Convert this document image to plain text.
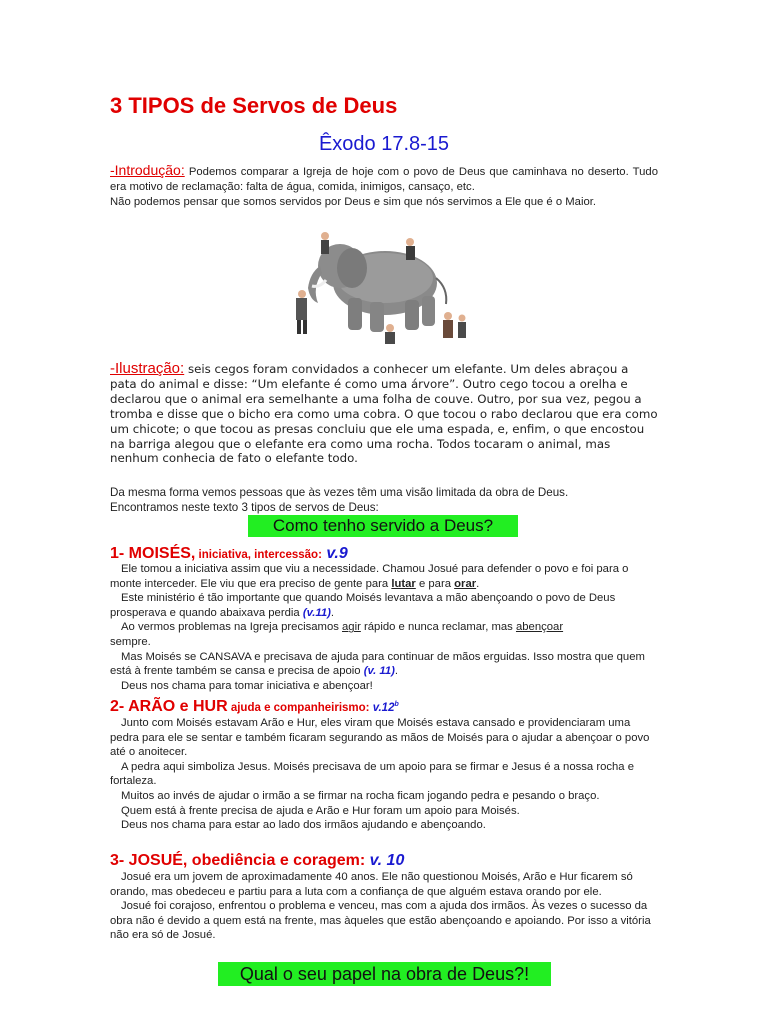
3 TIPOS de Servos de Deus
Êxodo 17.8-15
-Introdução: Podemos comparar a Igreja de hoje com o povo de Deus que caminhava no deserto. Tudo era motivo de reclamação: falta de água, comida, inimigos, cansaço, etc.
Não podemos pensar que somos servidos por Deus e sim que nós servimos a Ele que é o Maior.
-Ilustração: seis cegos foram convidados a conhecer um elefante. Um deles abraçou a pata do animal e disse: “Um elefante é como uma árvore”. Outro cego tocou a orelha e declarou que o animal era semelhante a uma folha de couve. Outro, por sua vez, pegou a tromba e disse que o bicho era como uma cobra. O que tocou o rabo declarou que era como um chicote; o que tocou as presas concluiu que ele uma espada, e, enfim, o que encostou na barriga alegou que o elefante era como uma rocha. Todos tocaram o animal, mas nenhum conhecia de fato o elefante todo.
Da mesma forma vemos pessoas que às vezes têm uma visão limitada da obra de Deus.
Encontramos neste texto 3 tipos de servos de Deus:
Como tenho servido a Deus?
1- MOISÉS, iniciativa, intercessão: v.9
Ele tomou a iniciativa assim que viu a necessidade. Chamou Josué para defender o povo e foi para o monte interceder. Ele viu que era preciso de gente para lutar e para orar.
Este ministério é tão importante que quando Moisés levantava a mão abençoando o povo de Deus prosperava e quando abaixava perdia (v.11).
Ao vermos problemas na Igreja precisamos agir rápido e nunca reclamar, mas abençoar
sempre.
Mas Moisés se CANSAVA e precisava de ajuda para continuar de mãos erguidas. Isso mostra que quem está à frente também se cansa e precisa de apoio (v. 11).
Deus nos chama para tomar iniciativa e abençoar!
2- ARÃO e HUR ajuda e companheirismo: v.12$^b$
Junto com Moisés estavam Arão e Hur, eles viram que Moisés estava cansado e providenciaram uma pedra para ele se sentar e também ficaram segurando as mãos de Moisés para o ajudar a abençoar o povo até o anoitecer.
A pedra aqui simboliza Jesus. Moisés precisava de um apoio para se firmar e Jesus é a nossa rocha e fortaleza.
Muitos ao invés de ajudar o irmão a se firmar na rocha ficam jogando pedra e pesando o braço.
Quem está à frente precisa de ajuda e Arão e Hur foram um apoio para Moisés.
Deus nos chama para estar ao lado dos irmãos ajudando e abençoando.
3- JOSUÉ, obediência e coragem: v. 10
Josué era um jovem de aproximadamente 40 anos. Ele não questionou Moisés, Arão e Hur ficarem só orando, mas obedeceu e partiu para a luta com a confiança de que alguém estava orando por ele.
Josué foi corajoso, enfrentou o problema e venceu, mas com a ajuda dos irmãos. Às vezes o sucesso da obra não é devido a quem está na frente, mas àqueles que estão abençoando e apoiando. Por isso a vitória não era só de Josué.
Qual o seu papel na obra de Deus?!
